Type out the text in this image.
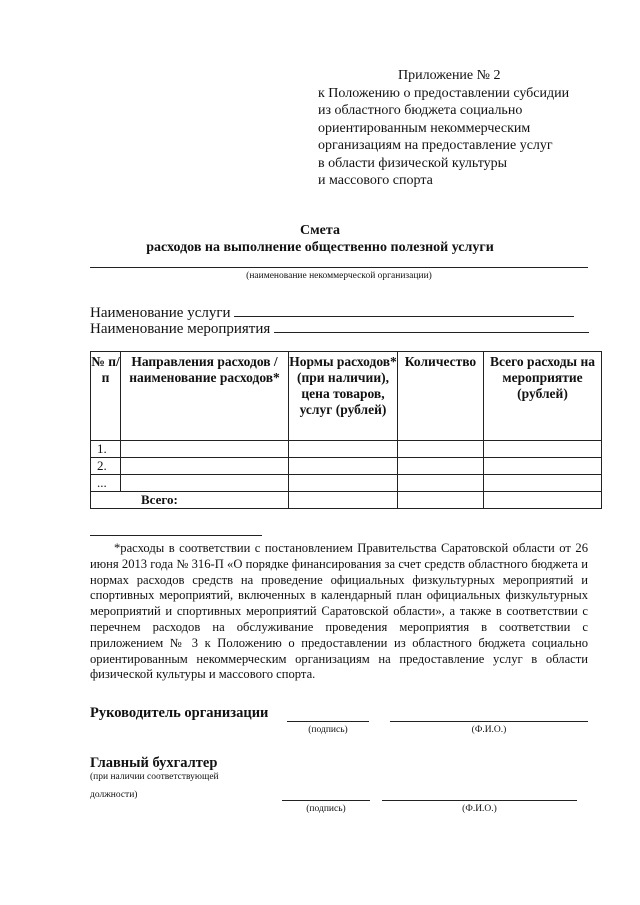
Приложение № 2
к Положению о предоставлении субсидии
из областного бюджета социально
ориентированным некоммерческим
организациям на предоставление услуг
в области физической культуры
и массового спорта
Смета
расходов на выполнение общественно полезной услуги
(наименование некоммерческой организации)
Наименование услуги
Наименование мероприятия
№ п/п	Направления расходов / наименование расходов*	Нормы расходов* (при наличии), цена товаров, услуг (рублей)	Количество	Всего расходы на мероприятие (рублей)
1.				
2.				
...				
Всего:				
*расходы в соответствии с постановлением Правительства Саратовской области от 26 июня 2013 года № 316-П «О порядке финансирования за счет средств областного бюджета и нормах расходов средств на проведение официальных физкультурных мероприятий и спортивных мероприятий, включенных в календарный план официальных физкультурных мероприятий и спортивных мероприятий Саратовской области», а также в соответствии с перечнем расходов на обслуживание проведения мероприятия в соответствии с приложением № 3 к Положению о предоставлении из областного бюджета социально ориентированным некоммерческим организациям на предоставление услуг в области физической культуры и массового спорта.
Руководитель организации
(подпись)	(Ф.И.О.)
Главный бухгалтер
(при наличии соответствующей
должности)
(подпись)	(Ф.И.О.)
